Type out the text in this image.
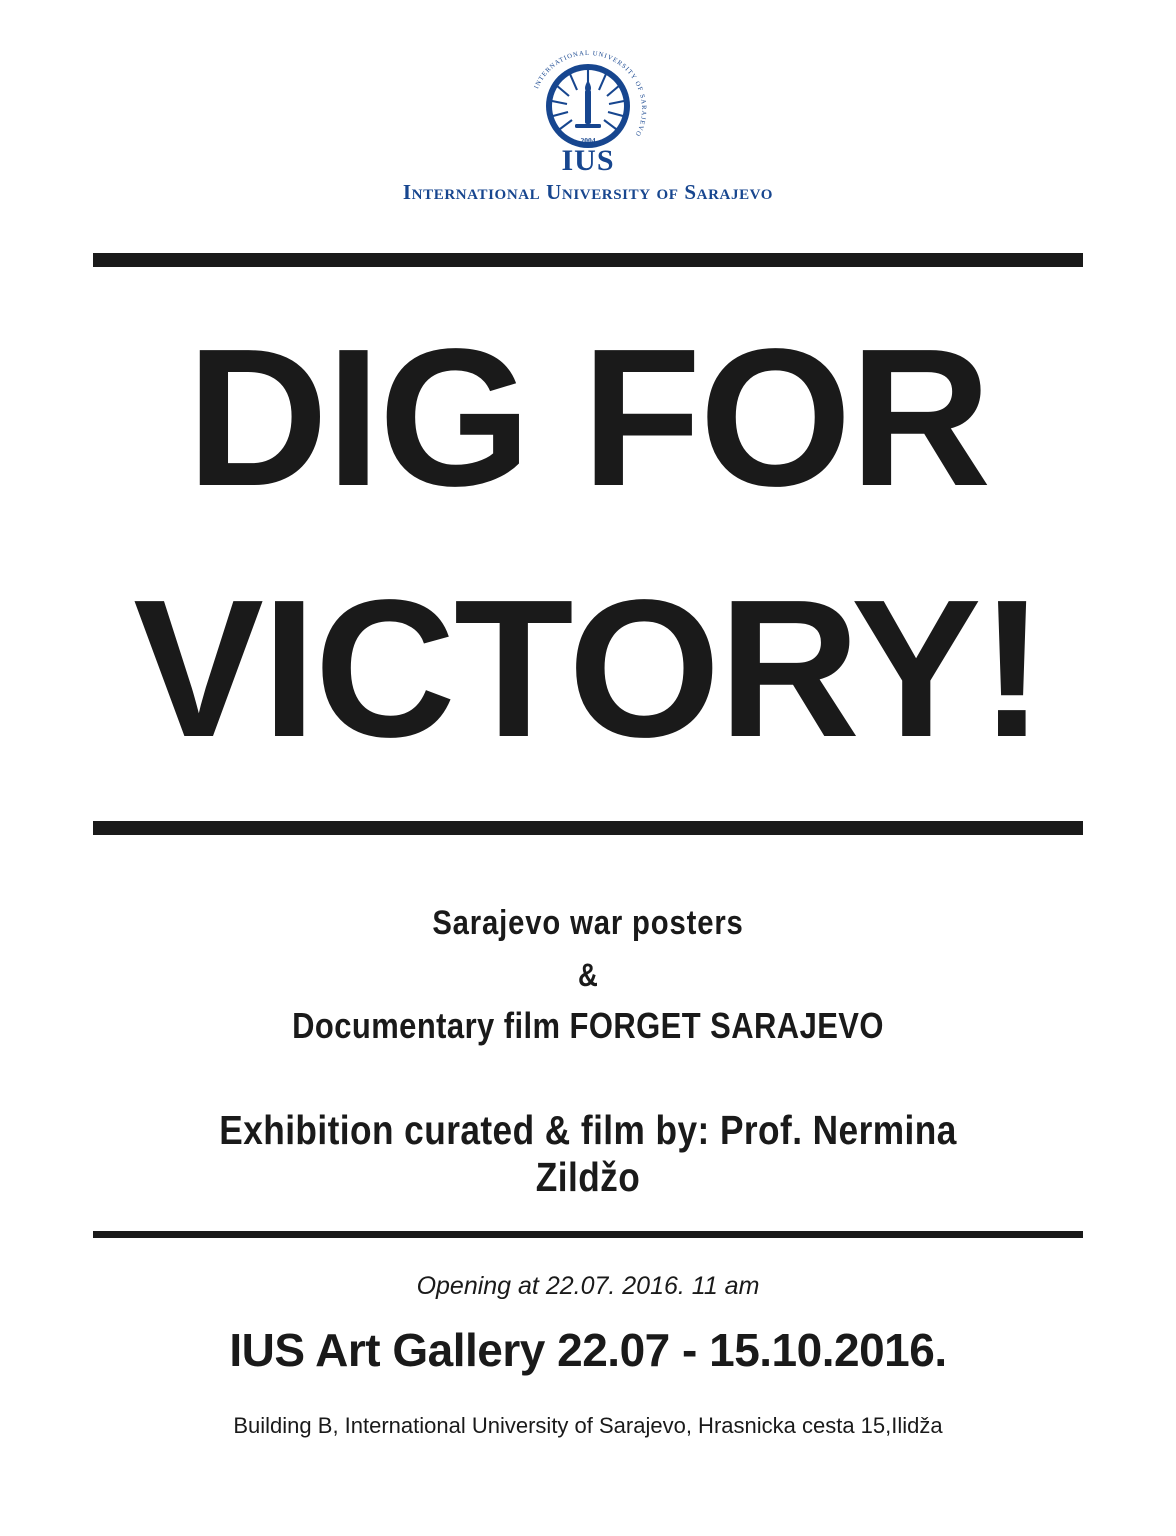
2004
INTERNATIONAL UNIVERSITY OF SARAJEVO
IUS
International University of Sarajevo
DIG FOR
VICTORY!
Sarajevo war posters
&
Documentary film FORGET SARAJEVO
Exhibition curated & film by: Prof. Nermina Zildžo
Opening at 22.07. 2016. 11 am
IUS Art Gallery 22.07 - 15.10.2016.
Building B, International University of Sarajevo, Hrasnicka cesta 15,Ilidža
